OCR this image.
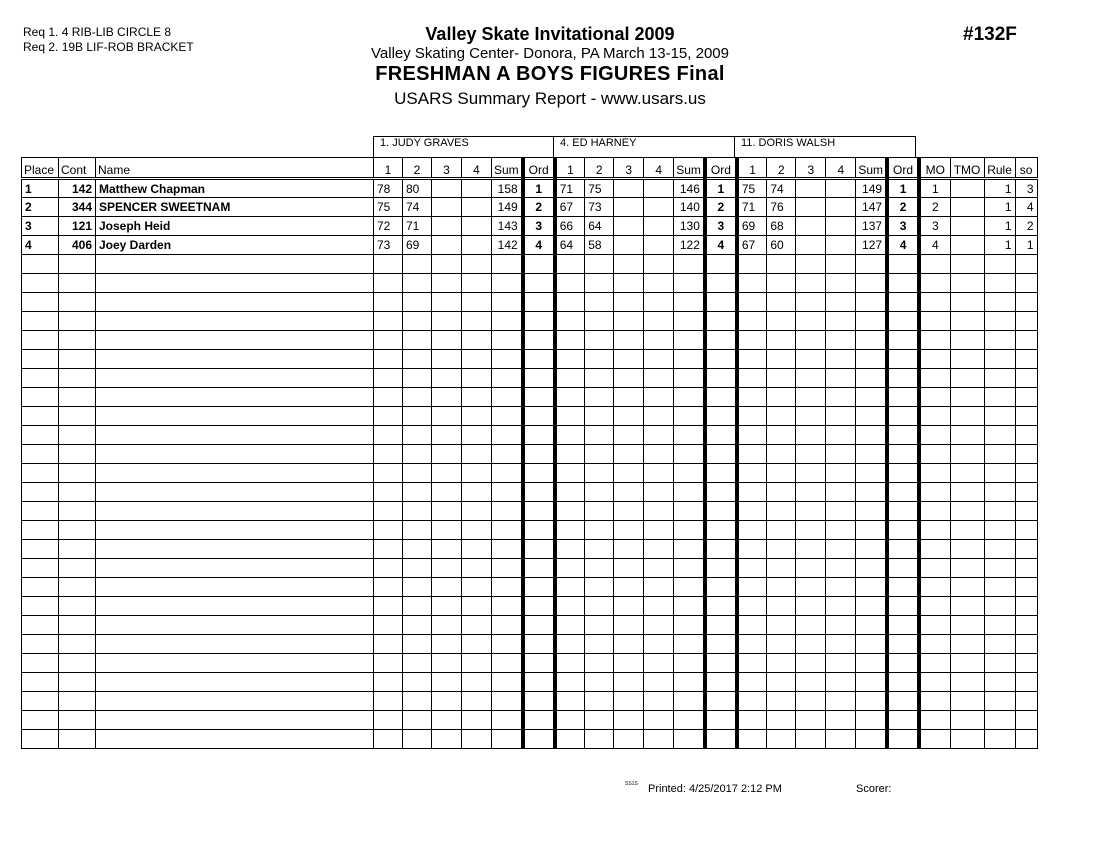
Req 1. 4 RIB-LIB CIRCLE 8
Req 2. 19B LIF-ROB BRACKET
Valley Skate Invitational 2009
Valley Skating Center- Donora, PA March 13-15, 2009
FRESHMAN A BOYS FIGURES Final
USARS Summary Report - www.usars.us
#132F
1. JUDY GRAVES	4. ED HARNEY	11. DORIS WALSH
Place	Cont	Name	1	2	3	4	Sum	Ord	1	2	3	4	Sum	Ord	1	2	3	4	Sum	Ord	MO	TMO	Rule	so
1	142	Matthew Chapman	78	80			158	1	71	75			146	1	75	74			149	1	1		1	3
2	344	SPENCER SWEETNAM	75	74			149	2	67	73			140	2	71	76			147	2	2		1	4
3	121	Joseph Heid	72	71			143	3	66	64			130	3	69	68			137	3	3		1	2
4	406	Joey Darden	73	69			142	4	64	58			122	4	67	60			127	4	4		1	1

SS1S Printed: 4/25/2017 2:12 PM	Scorer:
